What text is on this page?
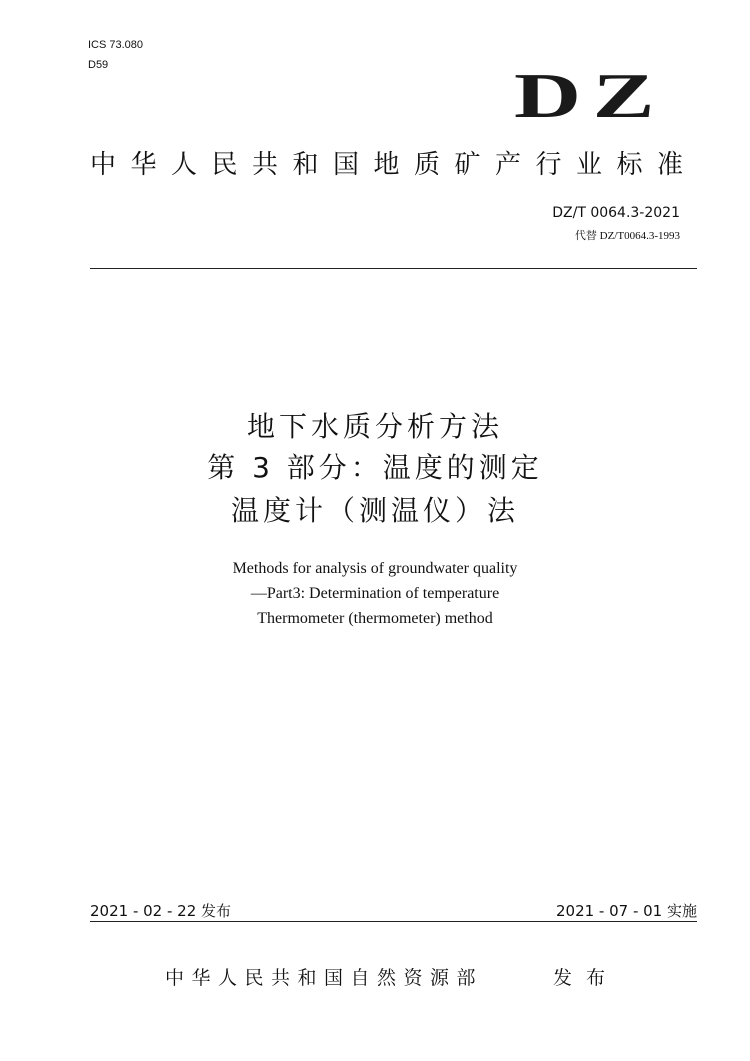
ICS 73.080
D59	DZ
中华人民共和国地质矿产行业标准
DZ/T 0064.3-2021
代替 DZ/T0064.3-1993
地下水质分析方法
第 3 部分：温度的测定
温度计（测温仪）法
Methods for analysis of groundwater quality
—Part3: Determination of temperature
Thermometer (thermometer) method
2021 - 02 - 22 发布	2021 - 07 - 01 实施
中华人民共和国自然资源部	发 布
